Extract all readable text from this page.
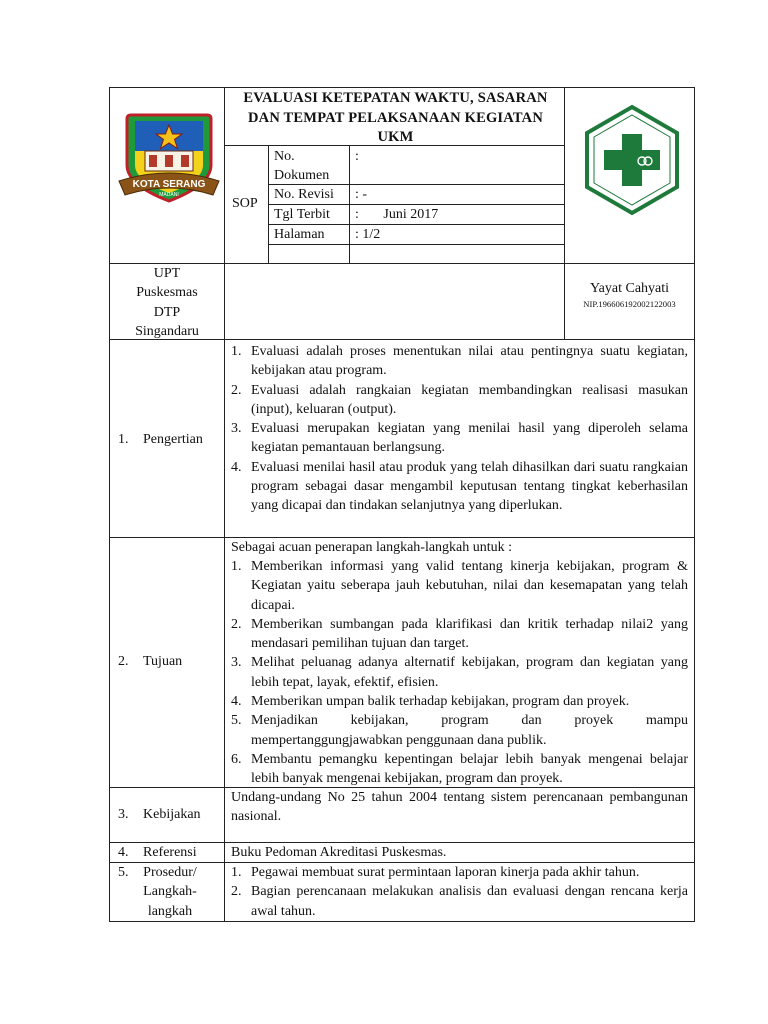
KOTA SERANG
MADANI
EVALUASI KETEPATAN WAKTU, SASARAN
DAN TEMPAT PELAKSANAAN KEGIATAN
UKM
SOP
No.
Dokumen
:
No. Revisi : -
Tgl Terbit :       Juni 2017
Halaman : 1/2
UPT
Puskesmas
DTP
Singandaru
Yayat Cahyati
NIP.196606192002122003
1. Pengertian
1. Evaluasi adalah proses menentukan nilai atau pentingnya suatu kegiatan, kebijakan atau program.
2. Evaluasi adalah rangkaian kegiatan membandingkan realisasi masukan (input), keluaran (output).
3. Evaluasi merupakan kegiatan yang menilai hasil yang diperoleh selama kegiatan pemantauan berlangsung.
4. Evaluasi menilai hasil atau produk yang telah dihasilkan dari suatu rangkaian program sebagai dasar mengambil keputusan tentang tingkat keberhasilan yang dicapai dan tindakan selanjutnya yang diperlukan.
2. Tujuan
Sebagai acuan penerapan langkah-langkah untuk :
1. Memberikan informasi yang valid tentang kinerja kebijakan, program & Kegiatan yaitu seberapa jauh kebutuhan, nilai dan kesemapatan yang telah dicapai.
2. Memberikan sumbangan pada klarifikasi dan kritik terhadap nilai2 yang mendasari pemilihan tujuan dan target.
3. Melihat peluanag adanya alternatif kebijakan, program dan kegiatan yang lebih tepat, layak, efektif, efisien.
4. Memberikan umpan balik terhadap kebijakan, program dan proyek.
5. Menjadikan kebijakan, program dan proyek mampu mempertanggungjawabkan penggunaan dana publik.
6. Membantu pemangku kepentingan belajar lebih banyak mengenai belajar lebih banyak mengenai kebijakan, program dan proyek.
3. Kebijakan
Undang-undang No 25 tahun 2004 tentang sistem perencanaan pembangunan nasional.
4. Referensi Buku Pedoman Akreditasi Puskesmas.
5.	Prosedur/
Langkah-
langkah
1. Pegawai membuat surat permintaan laporan kinerja pada akhir tahun.
2. Bagian perencanaan melakukan analisis dan evaluasi dengan rencana kerja awal tahun.
